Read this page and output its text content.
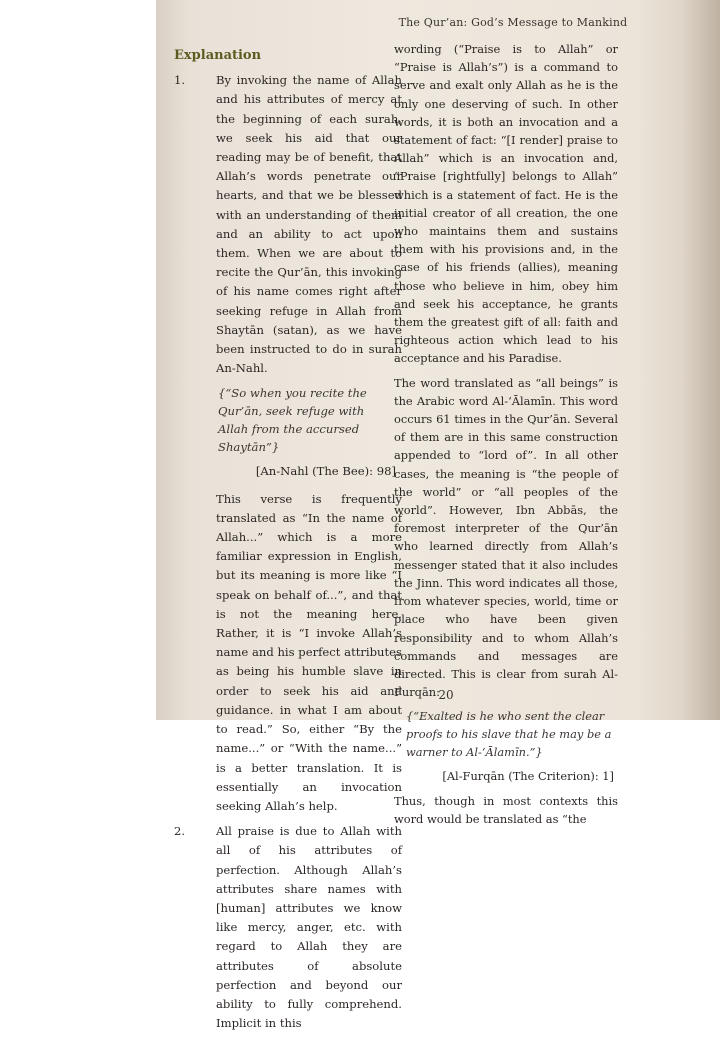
The Qur’an: God’s Message to Mankind
Explanation
1.	By invoking the name of Allah and his attributes of mercy at the beginning of each surah, we seek his aid that our reading may be of benefit, that Allah’s words penetrate our hearts, and that we be blessed with an understanding of them and an ability to act upon them. When we are about to recite the Qur’ān, this invoking of his name comes right after seeking refuge in Allah from Shaytān (satan), as we have been instructed to do in surah An-Nahl.
{“So when you recite the Qur’ān, seek refuge with Allah from the accursed Shaytān”}
[An-Nahl (The Bee): 98]
This verse is frequently translated as “In the name of Allah...” which is a more familiar expression in English, but its meaning is more like “I speak on behalf of...”, and that is not the meaning here. Rather, it is “I invoke Allah’s name and his perfect attributes as being his humble slave in order to seek his aid and guidance. in what I am about to read.” So, either “By the name...” or “With the name...” is a better translation. It is essentially an invocation seeking Allah’s help.
2.	All praise is due to Allah with all of his attributes of perfection. Although Allah’s attributes share names with [human] attributes we know like mercy, anger, etc. with regard to Allah they are attributes of absolute perfection and beyond our ability to fully comprehend. Implicit in this
wording (“Praise is to Allah” or “Praise is Allah’s”) is a command to serve and exalt only Allah as he is the only one deserving of such. In other words, it is both an invocation and a statement of fact: “[I render] praise to Allah” which is an invocation and, “Praise [rightfully] belongs to Allah” which is a statement of fact. He is the initial creator of all creation, the one who maintains them and sustains them with his provisions and, in the case of his friends (allies), meaning those who believe in him, obey him and seek his acceptance, he grants them the greatest gift of all: faith and righteous action which lead to his acceptance and his Paradise.
The word translated as “all beings” is the Arabic word Al-‘Ālamīn. This word occurs 61 times in the Qur’ān. Several of them are in this same construction appended to “lord of”. In all other cases, the meaning is “the people of the world” or “all peoples of the world”. However, Ibn Abbās, the foremost interpreter of the Qur’ān who learned directly from Allah’s messenger stated that it also includes the Jinn. This word indicates all those, from whatever species, world, time or place who have been given responsibility and to whom Allah’s commands and messages are directed. This is clear from surah Al-Furqān:
{“Exalted is he who sent the clear proofs to his slave that he may be a warner to Al-‘Ālamīn.”}
[Al-Furqān (The Criterion): 1]
Thus, though in most contexts this word would be translated as “the
20
